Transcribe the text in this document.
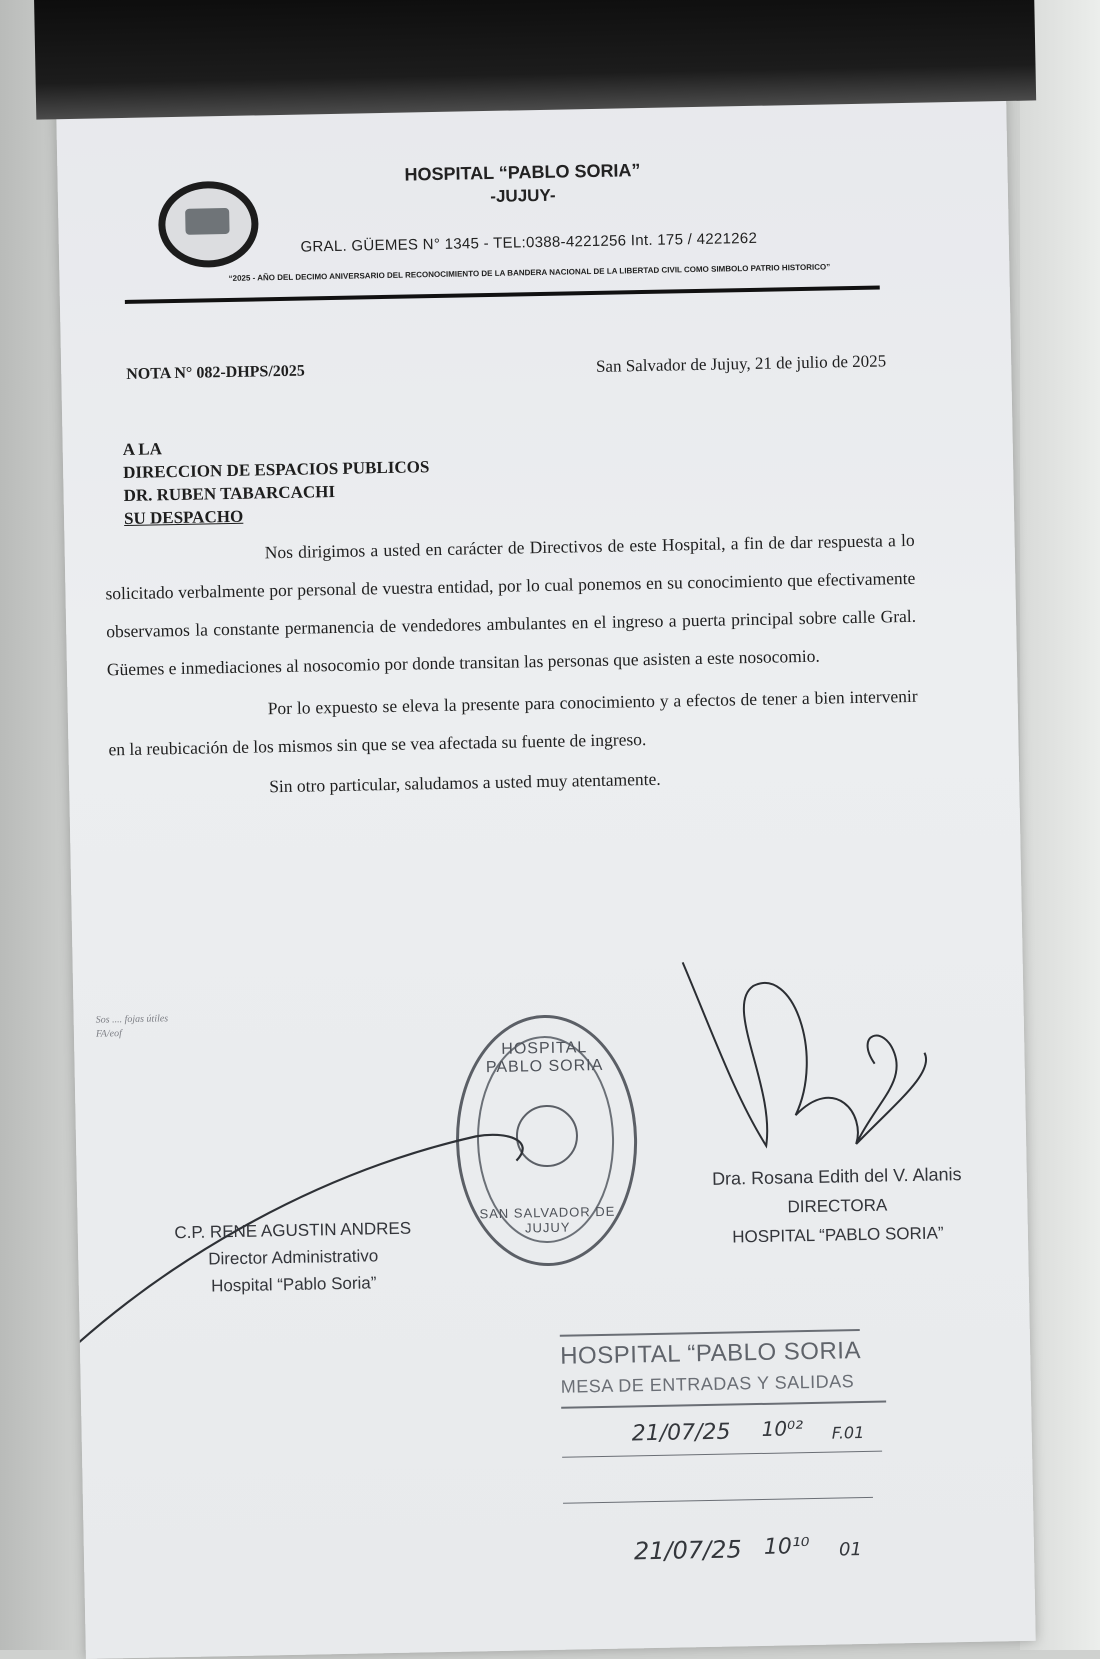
HOSPITAL “PABLO SORIA”
-JUJUY-
GRAL. GÜEMES N° 1345 - TEL:0388-4221256 Int. 175 / 4221262
“2025 - AÑO DEL DECIMO ANIVERSARIO DEL RECONOCIMIENTO DE LA BANDERA NACIONAL DE LA LIBERTAD CIVIL COMO SIMBOLO PATRIO HISTORICO”
NOTA N° 082-DHPS/2025	San Salvador de Jujuy, 21 de julio de 2025
A LA
DIRECCION DE ESPACIOS PUBLICOS
DR. RUBEN TABARCACHI
SU DESPACHO

Nos dirigimos a usted en carácter de Directivos de este Hospital, a fin de dar respuesta a lo solicitado verbalmente por personal de vuestra entidad, por lo cual ponemos en su conocimiento que efectivamente observamos la constante permanencia de vendedores ambulantes en el ingreso a puerta principal sobre calle Gral. Güemes e inmediaciones al nosocomio por donde transitan las personas que asisten a este nosocomio.

Por lo expuesto se eleva la presente para conocimiento y a efectos de tener a bien intervenir en la reubicación de los mismos sin que se vea afectada su fuente de ingreso.

Sin otro particular, saludamos a usted muy atentamente.

Sos .... fojas útiles
FA/eof
HOSPITAL PABLO SORIA
SAN SALVADOR DE JUJUY
C.P. RENE AGUSTIN ANDRES
Director Administrativo
Hospital “Pablo Soria”
Dra. Rosana Edith del V. Alanis
DIRECTORA
HOSPITAL “PABLO SORIA”
HOSPITAL “PABLO SORIA
MESA DE ENTRADAS Y SALIDAS
21/07/25 10⁰² F.01
21/07/25 10¹⁰ 01
